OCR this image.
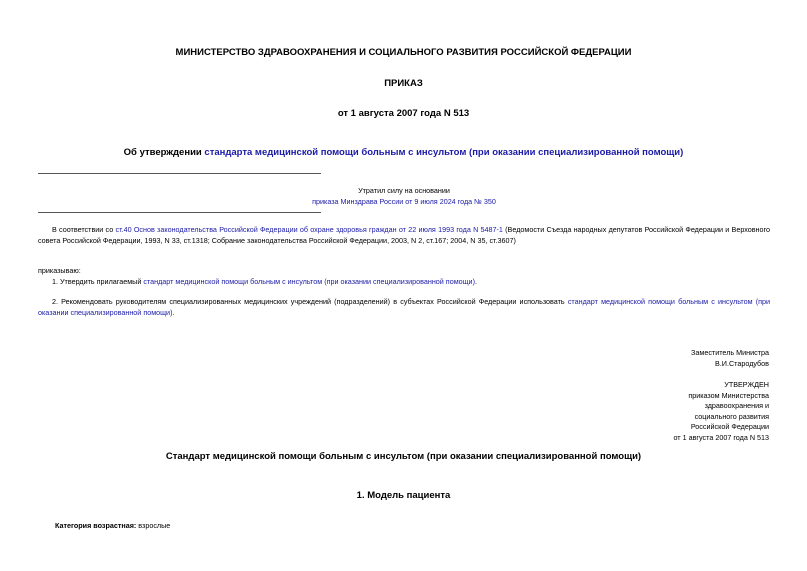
МИНИСТЕРСТВО ЗДРАВООХРАНЕНИЯ И СОЦИАЛЬНОГО РАЗВИТИЯ РОССИЙСКОЙ ФЕДЕРАЦИИ
ПРИКАЗ
от 1 августа 2007 года N 513
Об утверждении стандарта медицинской помощи больным с инсультом (при оказании специализированной помощи)
Утратил силу на основании
приказа Минздрава России от 9 июля 2024 года № 350
В соответствии со ст.40 Основ законодательства Российской Федерации об охране здоровья граждан от 22 июля 1993 года N 5487-1 (Ведомости Съезда народных депутатов Российской Федерации и Верховного совета Российской Федерации, 1993, N 33, ст.1318; Собрание законодательства Российской Федерации, 2003, N 2, ст.167; 2004, N 35, ст.3607)
приказываю:
1. Утвердить прилагаемый стандарт медицинской помощи больным с инсультом (при оказании специализированной помощи).
2. Рекомендовать руководителям специализированных медицинских учреждений (подразделений) в субъектах Российской Федерации использовать стандарт медицинской помощи больным с инсультом (при оказании специализированной помощи).
Заместитель Министра
В.И.Стародубов
УТВЕРЖДЕН
приказом Министерства
здравоохранения и
социального развития
Российской Федерации
от 1 августа 2007 года N 513
Стандарт медицинской помощи больным с инсультом (при оказании специализированной помощи)
1. Модель пациента
Категория возрастная: взрослые
